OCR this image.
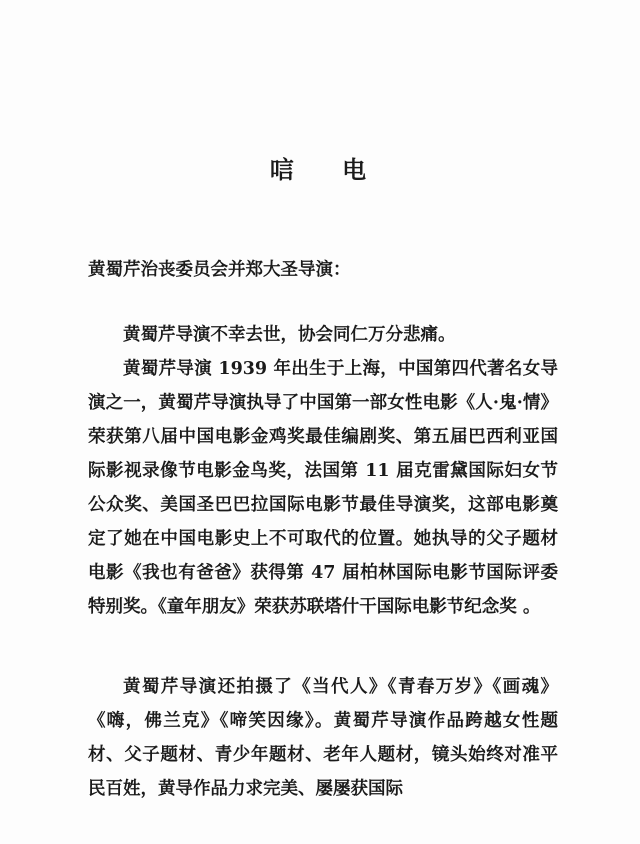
唁 电
黄蜀芹治丧委员会并郑大圣导演：

黄蜀芹导演不幸去世，协会同仁万分悲痛。

黄蜀芹导演 1939 年出生于上海，中国第四代著名女导演之一，黄蜀芹导演执导了中国第一部女性电影《人·鬼·情》荣获第八届中国电影金鸡奖最佳编剧奖、第五届巴西利亚国际影视录像节电影金鸟奖，法国第 11 届克雷黛国际妇女节公众奖、美国圣巴巴拉国际电影节最佳导演奖，这部电影奠定了她在中国电影史上不可取代的位置。她执导的父子题材电影《我也有爸爸》获得第 47 届柏林国际电影节国际评委特别奖。《童年朋友》荣获苏联塔什干国际电影节纪念奖 。

黄蜀芹导演还拍摄了《当代人》《青春万岁》《画魂》《嗨，佛兰克》《啼笑因缘》。黄蜀芹导演作品跨越女性题材、父子题材、青少年题材、老年人题材，镜头始终对准平民百姓，黄导作品力求完美、屡屡获国际
